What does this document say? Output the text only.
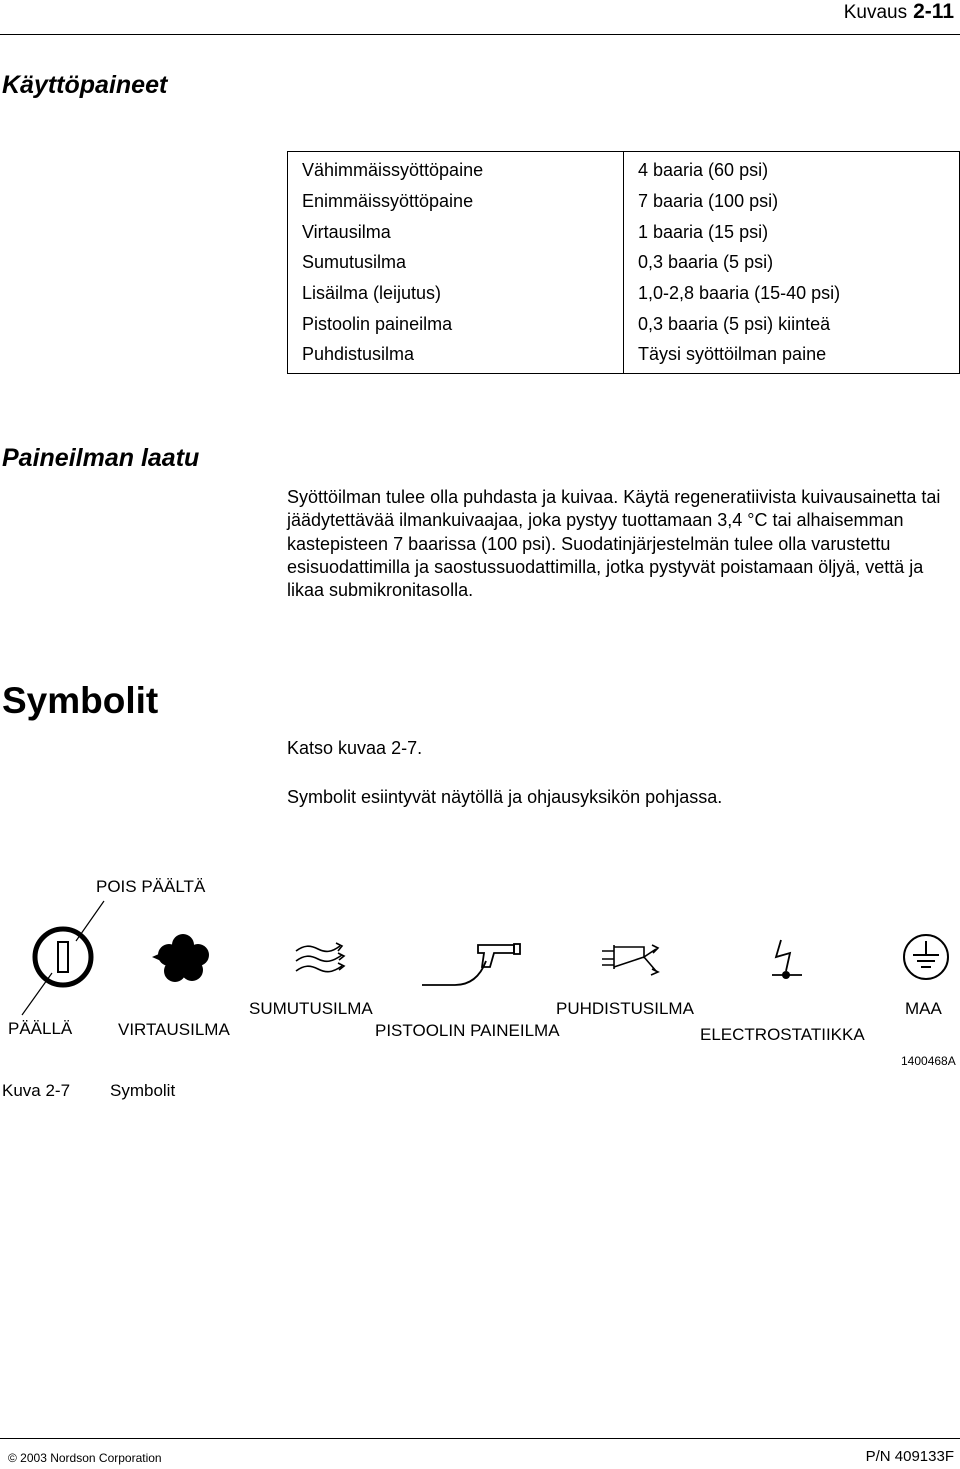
Kuvaus 2-11
Käyttöpaineet
Vähimmäissyöttöpaine	4 baaria (60 psi)
Enimmäissyöttöpaine	7 baaria (100 psi)
Virtausilma	1 baaria (15 psi)
Sumutusilma	0,3 baaria (5 psi)
Lisäilma (leijutus)	1,0-2,8 baaria (15-40 psi)
Pistoolin paineilma	0,3 baaria (5 psi) kiinteä
Puhdistusilma	Täysi syöttöilman paine
Paineilman laatu
Syöttöilman tulee olla puhdasta ja kuivaa. Käytä regeneratiivista kuivausainetta tai jäädytettävää ilmankuivaajaa, joka pystyy tuottamaan 3,4 °C tai alhaisemman kastepisteen 7 baarissa (100 psi). Suodatinjärjestelmän tulee olla varustettu esisuodattimilla ja saostussuodattimilla, jotka pystyvät poistamaan öljyä, vettä ja likaa submikronitasolla.
Symbolit
Katso kuvaa 2-7.
Symbolit esiintyvät näytöllä ja ohjausyksikön pohjassa.
POIS PÄÄLTÄ
PÄÄLLÄ	VIRTAUSILMA
SUMUTUSILMA
PISTOOLIN PAINEILMA
PUHDISTUSILMA
ELECTROSTATIIKKA
MAA
1400468A
Kuva 2-7 Symbolit
© 2003 Nordson Corporation	P/N 409133F
